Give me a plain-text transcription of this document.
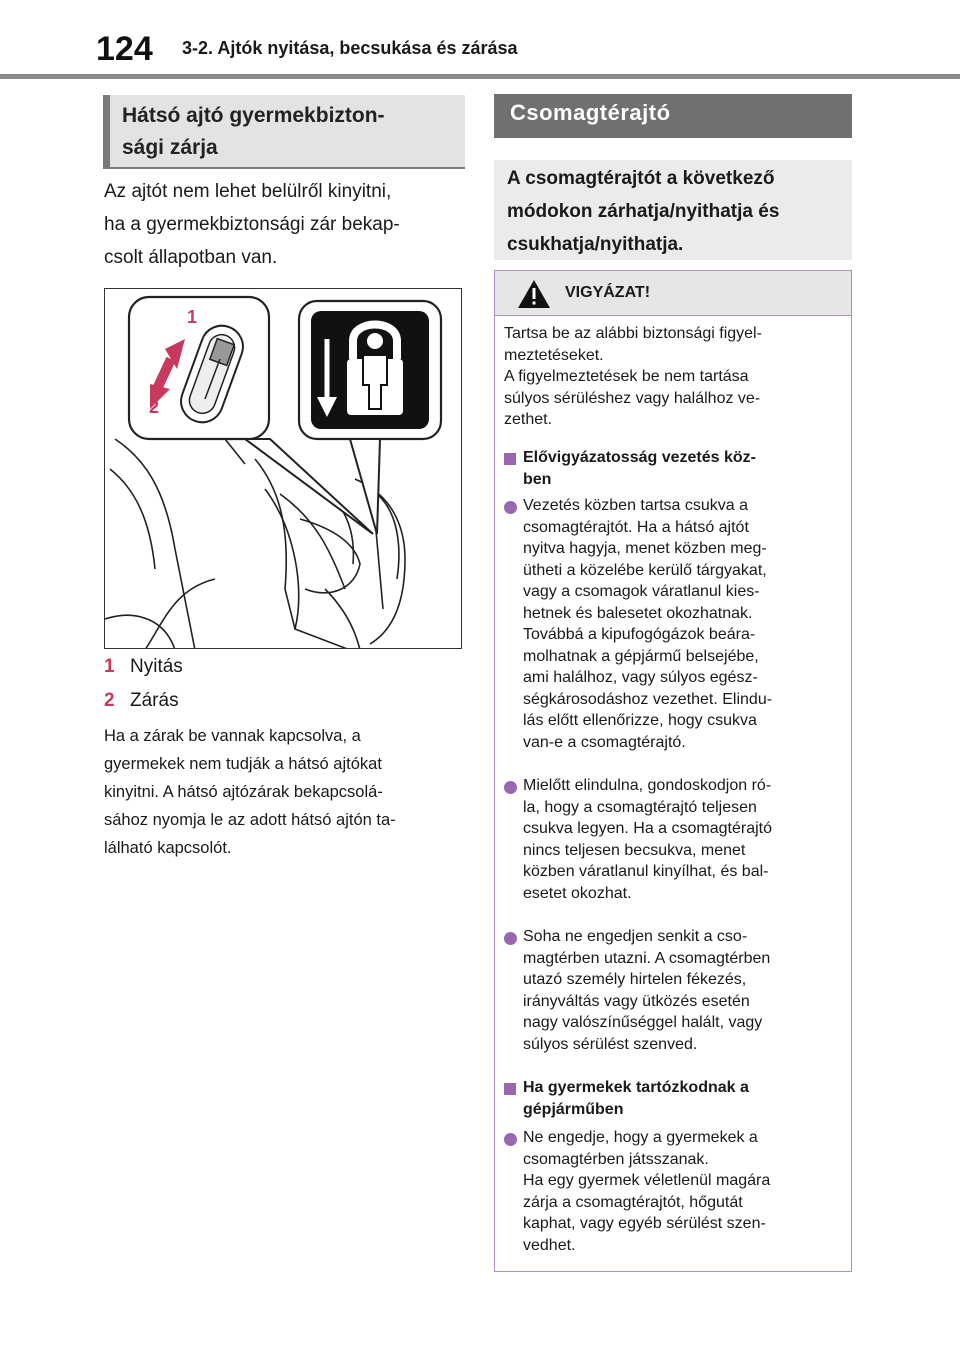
124 3-2. Ajtók nyitása, becsukása és zárása
Hátsó ajtó gyermekbizton-
sági zárja
Az ajtót nem lehet belülről kinyitni,
ha a gyermekbiztonsági zár bekap-
csolt állapotban van.
1
2
1 Nyitás
2 Zárás
Ha a zárak be vannak kapcsolva, a
gyermekek nem tudják a hátsó ajtókat
kinyitni. A hátsó ajtózárak bekapcsolá-
sához nyomja le az adott hátsó ajtón ta-
lálható kapcsolót.
Csomagtérajtó
A csomagtérajtót a következő
módokon zárhatja/nyithatja és
csukhatja/nyithatja.
VIGYÁZAT!

Tartsa be az alábbi biztonsági figyel-

meztetéseket.

A figyelmeztetések be nem tartása

súlyos sérüléshez vagy halálhoz ve-

zethet.

Elővigyázatosság vezetés köz-
ben
Vezetés közben tartsa csukva a
csomagtérajtót. Ha a hátsó ajtót
nyitva hagyja, menet közben meg-
ütheti a közelébe kerülő tárgyakat,
vagy a csomagok váratlanul kies-
hetnek és balesetet okozhatnak.
Továbbá a kipufogógázok beára-
molhatnak a gépjármű belsejébe,
ami halálhoz, vagy súlyos egész-
ségkárosodáshoz vezethet. Elindu-
lás előtt ellenőrizze, hogy csukva
van-e a csomagtérajtó.
Mielőtt elindulna, gondoskodjon ró-
la, hogy a csomagtérajtó teljesen
csukva legyen. Ha a csomagtérajtó
nincs teljesen becsukva, menet
közben váratlanul kinyílhat, és bal-
esetet okozhat.
Soha ne engedjen senkit a cso-
magtérben utazni. A csomagtérben
utazó személy hirtelen fékezés,
irányváltás vagy ütközés esetén
nagy valószínűséggel halált, vagy
súlyos sérülést szenved.
Ha gyermekek tartózkodnak a
gépjárműben
Ne engedje, hogy a gyermekek a
csomagtérben játsszanak.
Ha egy gyermek véletlenül magára
zárja a csomagtérajtót, hőgutát
kaphat, vagy egyéb sérülést szen-
vedhet.
